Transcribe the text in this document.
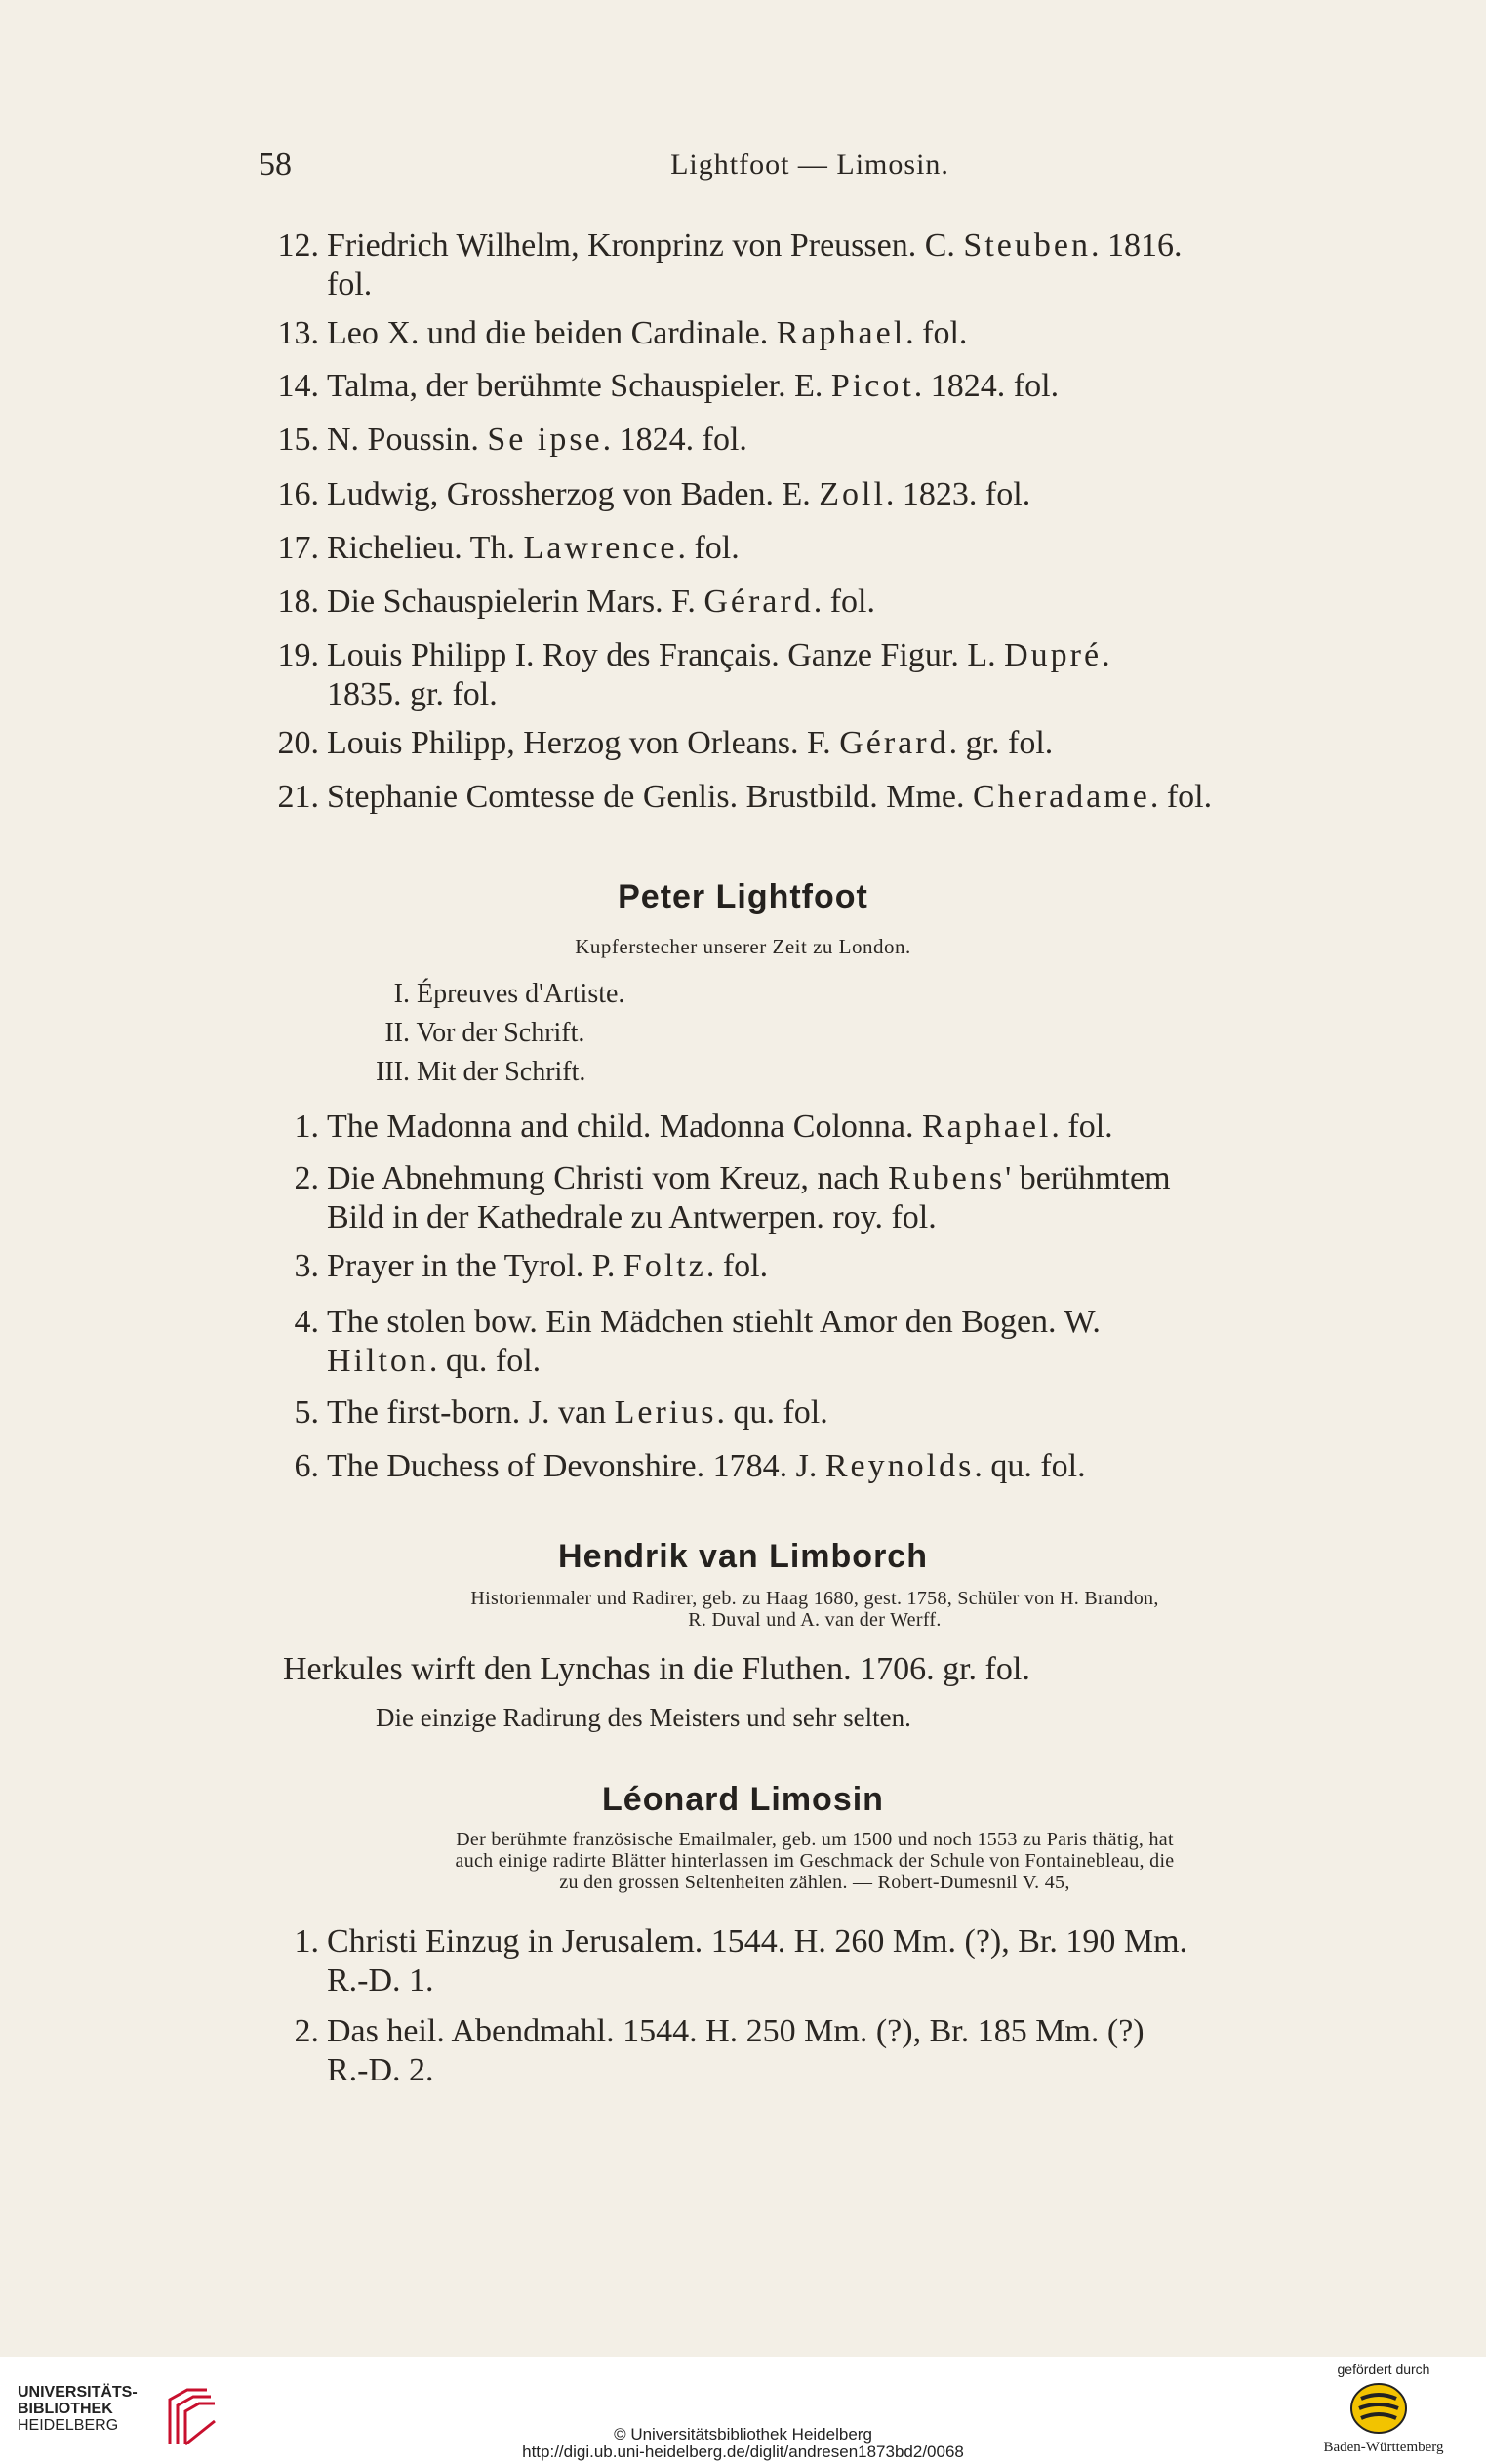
58	Lightfoot — Limosin.
12. Friedrich Wilhelm, Kronprinz von Preussen. C. Steuben. 1816.
fol.
13. Leo X. und die beiden Cardinale. Raphael. fol.
14. Talma, der berühmte Schauspieler. E. Picot. 1824. fol.
15. N. Poussin. Se ipse. 1824. fol.
16. Ludwig, Grossherzog von Baden. E. Zoll. 1823. fol.
17. Richelieu. Th. Lawrence. fol.
18. Die Schauspielerin Mars. F. Gérard. fol.
19. Louis Philipp I. Roy des Français. Ganze Figur. L. Dupré.
1835. gr. fol.
20. Louis Philipp, Herzog von Orleans. F. Gérard. gr. fol.
21. Stephanie Comtesse de Genlis. Brustbild. Mme. Cheradame. fol.
Peter Lightfoot
Kupferstecher unserer Zeit zu London.
I. Épreuves d'Artiste.
II. Vor der Schrift.
III. Mit der Schrift.
1. The Madonna and child. Madonna Colonna. Raphael. fol.
2. Die Abnehmung Christi vom Kreuz, nach Rubens' berühmtem
Bild in der Kathedrale zu Antwerpen. roy. fol.
3. Prayer in the Tyrol. P. Foltz. fol.
4. The stolen bow. Ein Mädchen stiehlt Amor den Bogen. W.
Hilton. qu. fol.
5. The first-born. J. van Lerius. qu. fol.
6. The Duchess of Devonshire. 1784. J. Reynolds. qu. fol.
Hendrik van Limborch
Historienmaler und Radirer, geb. zu Haag 1680, gest. 1758, Schüler von H. Brandon,
R. Duval und A. van der Werff.
Herkules wirft den Lynchas in die Fluthen. 1706. gr. fol.
Die einzige Radirung des Meisters und sehr selten.
Léonard Limosin
Der berühmte französische Emailmaler, geb. um 1500 und noch 1553 zu Paris thätig, hat
auch einige radirte Blätter hinterlassen im Geschmack der Schule von Fontainebleau, die
zu den grossen Seltenheiten zählen. — Robert-Dumesnil V. 45,
1. Christi Einzug in Jerusalem. 1544. H. 260 Mm. (?), Br. 190 Mm.
R.-D. 1.
2. Das heil. Abendmahl. 1544. H. 250 Mm. (?), Br. 185 Mm. (?)
R.-D. 2.
UNIVERSITÄTS-
BIBLIOTHEK
HEIDELBERG	© Universitätsbibliothek Heidelberg
http://digi.ub.uni-heidelberg.de/diglit/andresen1873bd2/0068
gefördert durch
Baden-Württemberg
